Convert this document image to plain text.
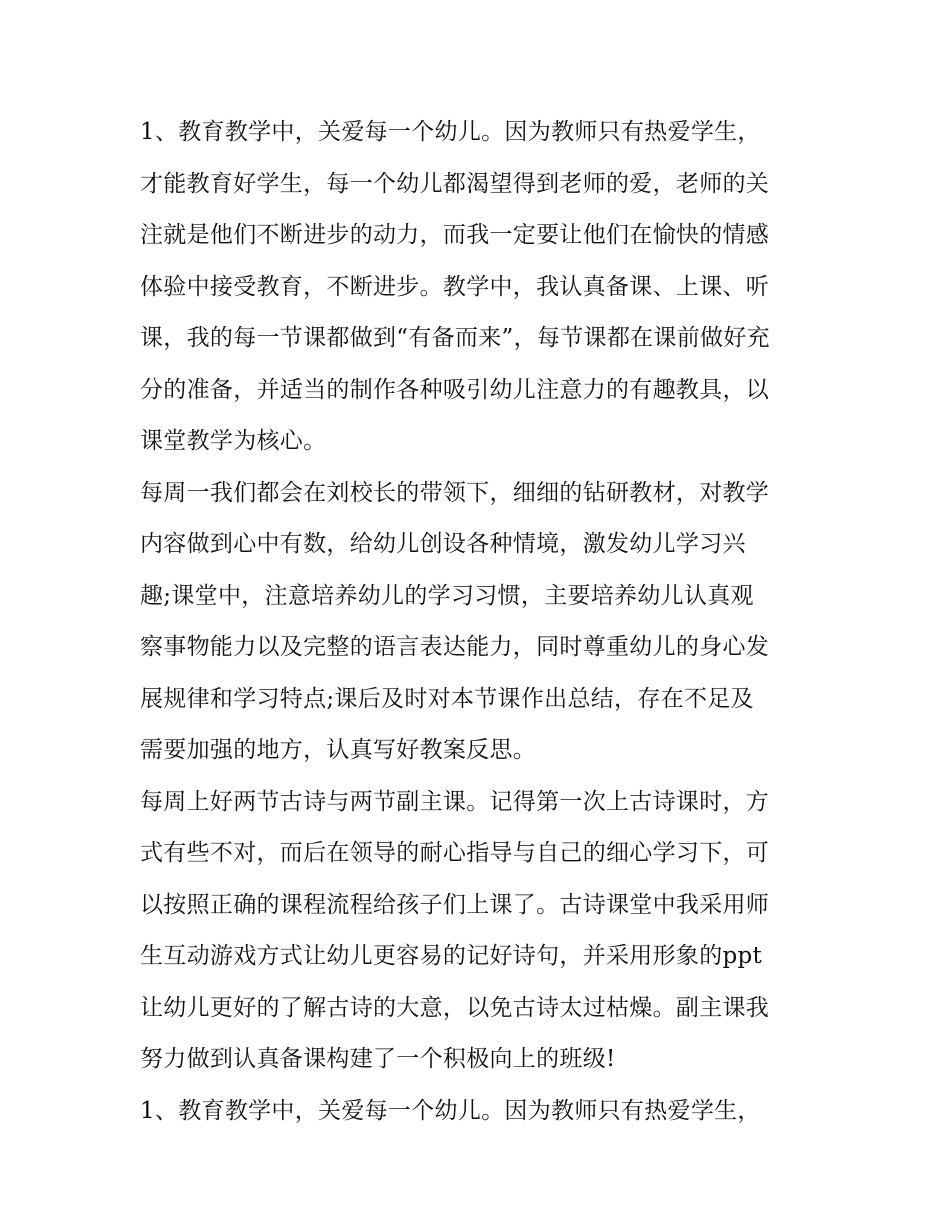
1、教育教学中，关爱每一个幼儿。因为教师只有热爱学生，
才能教育好学生，每一个幼儿都渴望得到老师的爱，老师的关
注就是他们不断进步的动力，而我一定要让他们在愉快的情感
体验中接受教育，不断进步。教学中，我认真备课、上课、听
课，我的每一节课都做到“有备而来”，每节课都在课前做好充
分的准备，并适当的制作各种吸引幼儿注意力的有趣教具，以
课堂教学为核心。
每周一我们都会在刘校长的带领下，细细的钻研教材，对教学
内容做到心中有数，给幼儿创设各种情境，激发幼儿学习兴
趣;课堂中，注意培养幼儿的学习习惯，主要培养幼儿认真观
察事物能力以及完整的语言表达能力，同时尊重幼儿的身心发
展规律和学习特点;课后及时对本节课作出总结，存在不足及
需要加强的地方，认真写好教案反思。
每周上好两节古诗与两节副主课。记得第一次上古诗课时，方
式有些不对，而后在领导的耐心指导与自己的细心学习下，可
以按照正确的课程流程给孩子们上课了。古诗课堂中我采用师
生互动游戏方式让幼儿更容易的记好诗句，并采用形象的ppt
让幼儿更好的了解古诗的大意，以免古诗太过枯燥。副主课我
努力做到认真备课构建了一个积极向上的班级!
1、教育教学中，关爱每一个幼儿。因为教师只有热爱学生，
